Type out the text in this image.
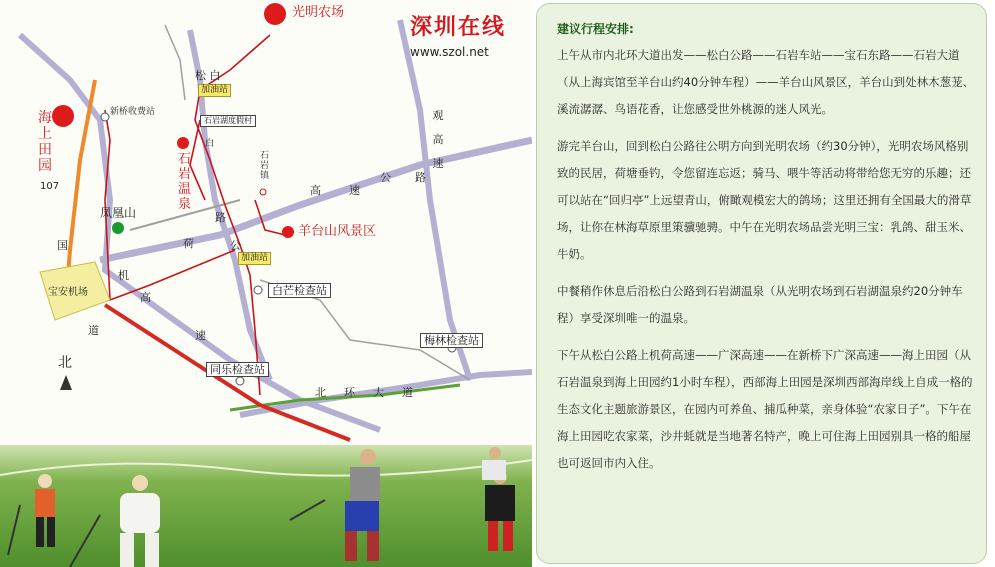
深圳在线
www.szol.net
光明农场
海
上
田
园	石
岩
温
泉
羊台山风景区
凤凰山
宝安机场	白芒检查站
梅林检查站
同乐检查站
新桥收费站
加油站
加油站
石岩湖度假村
石
岩
镇
107
北
松 白
观

高

速
高速
公 路
机
荷
北环大道
高
速
道
国	公
白
路
建议行程安排:

上午从市内北环大道出发——松白公路——石岩车站——宝石东路——石岩大道（从上海宾馆至羊台山约40分钟车程）——羊台山风景区，羊台山到处林木葱茏、溪流潺潺、鸟语花香，让您感受世外桃源的迷人风光。

游完羊台山，回到松白公路往公明方向到光明农场（约30分钟），光明农场风格别致的民居，荷塘垂钓，令您留连忘返；骑马、喂牛等活动将带给您无穷的乐趣；还可以站在“回归亭”上远望青山，俯瞰观模宏大的鸽场；这里还拥有全国最大的滑草场，让你在林海草原里策骥驰骋。中午在光明农场品尝光明三宝：乳鸽、甜玉米、牛奶。

中餐稍作休息后沿松白公路到石岩湖温泉（从光明农场到石岩湖温泉约20分钟车程）享受深圳唯一的温泉。

下午从松白公路上机荷高速——广深高速——在新桥下广深高速——海上田园（从石岩温泉到海上田园约1小时车程），西部海上田园是深圳西部海岸线上自成一格的生态文化主题旅游景区，在园内可养鱼、捕瓜种菜，亲身体验“农家日子”。下午在海上田园吃农家菜，沙井蚝就是当地著名特产，晚上可住海上田园别具一格的船屋也可返回市内入住。
